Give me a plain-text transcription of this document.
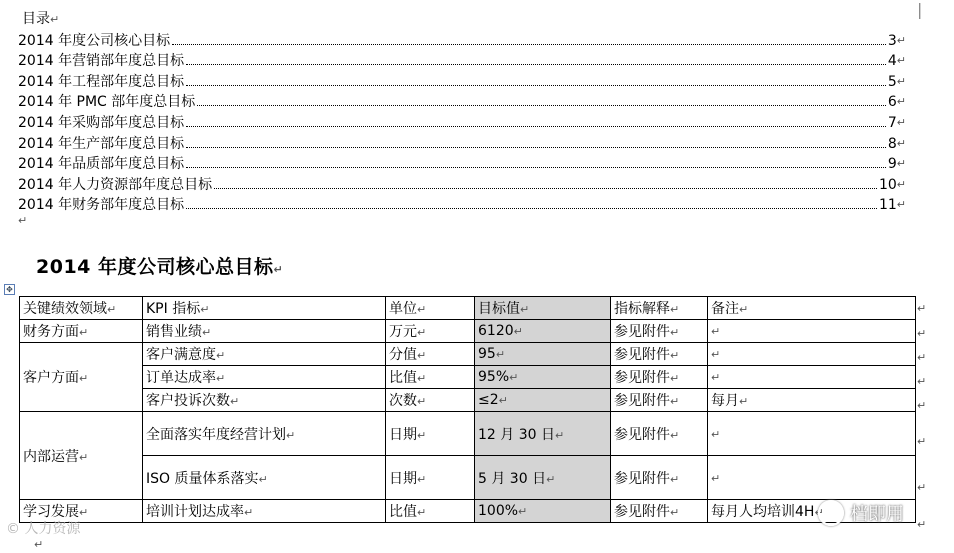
|
目录↵
2014 年度公司核心目标	3 ↵
2014 年营销部年度总目标	4 ↵
2014 年工程部年度总目标	5 ↵
2014 年 PMC 部年度总目标	6 ↵
2014 年采购部年度总目标	7 ↵
2014 年生产部年度总目标	8 ↵
2014 年品质部年度总目标	9 ↵
2014 年人力资源部年度总目标	10 ↵
2014 年财务部年度总目标	11 ↵
↵
2014 年度公司核心总目标↵
✥
关键绩效领域↵	KPI 指标↵	单位↵	目标值↵	指标解释↵	备注↵
财务方面↵	销售业绩↵	万元↵	6120↵	参见附件↵	↵
客户方面↵	客户满意度↵	分值↵	95↵	参见附件↵	↵
	订单达成率↵	比值↵	95%↵	参见附件↵	↵
	客户投诉次数↵	次数↵	≤2↵	参见附件↵	每月↵
内部运营↵	全面落实年度经营计划↵	日期↵	12 月 30 日↵	参见附件↵	↵
	ISO 质量体系落实↵	日期↵	5 月 30 日↵	参见附件↵	↵
学习发展↵	培训计划达成率↵	比值↵	100%↵	参见附件↵	每月人均培训4H↵
↵
↵
↵
↵
↵
↵
↵
↵
↵
© 人力资源
档即用
